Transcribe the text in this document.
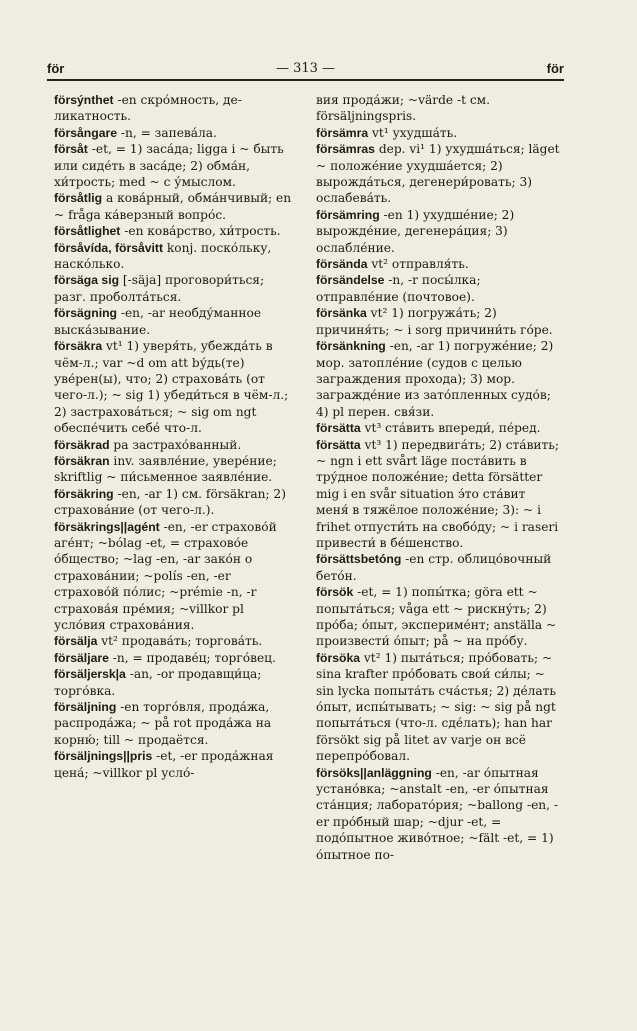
för	— 313 —	för

försýnthet -en скро́мность, де-ликатность.

försångare -n, = запева́ла.

försåt -et, = 1) заса́да; ligga i ~ быть или сиде́ть в заса́де; 2) обма́н, хи́трость; med ~ с у́мыслом.

försåtlig a кова́рный, обма́нчивый; en ~ fråga ка́верзный вопро́с.

försåtlighet -en кова́рство, хи́трость.

försåvída, försåvitt konj. поско́льку, наско́лько.

försäga sig [-säja] проговори́ться; разг. проболта́ться.

försägning -en, -ar необду́манное выска́зывание.

försäkra vt¹ 1) уверя́ть, убежда́ть в чём-л.; var ~d om att bу́дь(те) уве́рен(ы), что; 2) страхова́ть (от чего-л.); ~ sig 1) убеди́ться в чём-л.; 2) застрахова́ться; ~ sig om ngt обеспе́чить себе́ что-л.

försäkrad pa застрахо́ванный.

försäkran inv. заявле́ние, увере́ние; skriftlig ~ пи́сьменное заявле́ние.

försäkring -en, -ar 1) см. försäkran; 2) страхова́ние (от чего-л.).

försäkrings||agént -en, -er страхово́й аге́нт; ~bólag -et, = страхово́е о́бщество; ~lag -en, -ar зако́н о страхова́нии; ~polís -en, -er страхово́й по́лис; ~prémie -n, -r страхова́я пре́мия; ~villkor pl усло́вия страхова́ния.

försälja vt² продава́ть; торгова́ть.

försäljare -n, = продаве́ц; торго́вец.

försäljersk|a -an, -or продавщи́ца; торго́вка.

försäljning -en торго́вля, прода́жа, распрода́жа; ~ på rot прода́жа на корню́; till ~ продаётся.

försäljnings||pris -et, -er прода́жная цена́; ~villkor pl усло́-

вия прода́жи; ~värde -t см. försäljningspris.

försämra vt¹ ухудша́ть.

försämras dep. vi¹ 1) ухудша́ться; läget ~ положе́ние ухудша́ется; 2) вырожда́ться, дегенери́ровать; 3) ослабева́ть.

försämring -en 1) ухудше́ние; 2) вырожде́ние, дегенера́ция; 3) ослабле́ние.

försända vt² отправля́ть.

försändelse -n, -r посы́лка; отправле́ние (почтовое).

försänka vt² 1) погружа́ть; 2) причиня́ть; ~ i sorg причини́ть го́ре.

försänkning -en, -ar 1) погруже́ние; 2) мор. затопле́ние (судов с целью заграждения прохода); 3) мор. загражде́ние из зато́пленных судо́в; 4) pl перен. свя́зи.

försätta vt³ ста́вить впереди́, пе́ред.

försätta vt³ 1) передвига́ть; 2) ста́вить; ~ ngn i ett svårt läge поста́вить в тру́дное положе́ние; detta försätter mig i en svår situation э́то ста́вит меня́ в тяжёлое положе́ние; 3): ~ i frihet отпусти́ть на свобо́ду; ~ i raseri привести́ в бе́шенство.

försättsbetóng -en стр. облицо́вочный бето́н.

försök -et, = 1) попы́тка; göra ett ~ попыта́ться; våga ett ~ рискну́ть; 2) про́ба; о́пыт, экспериме́нт; anställa ~ произвести́ о́пыт; på ~ на про́бу.

försöka vt² 1) пыта́ться; про́бовать; ~ sina krafter про́бовать свои́ си́лы; ~ sin lycka попыта́ть сча́стья; 2) де́лать о́пыт, испы́тывать; ~ sig: ~ sig på ngt попыта́ться (что-л. сде́лать); han har försökt sig på litet av varje он всё перепро́бовал.

försöks||anläggning -en, -ar о́пытная устано́вка; ~anstalt -en, -er о́пытная ста́нция; лаборато́рия; ~ballong -en, -er про́бный шар; ~djur -et, = подо́пытное живо́тное; ~fält -et, = 1) о́пытное по-
